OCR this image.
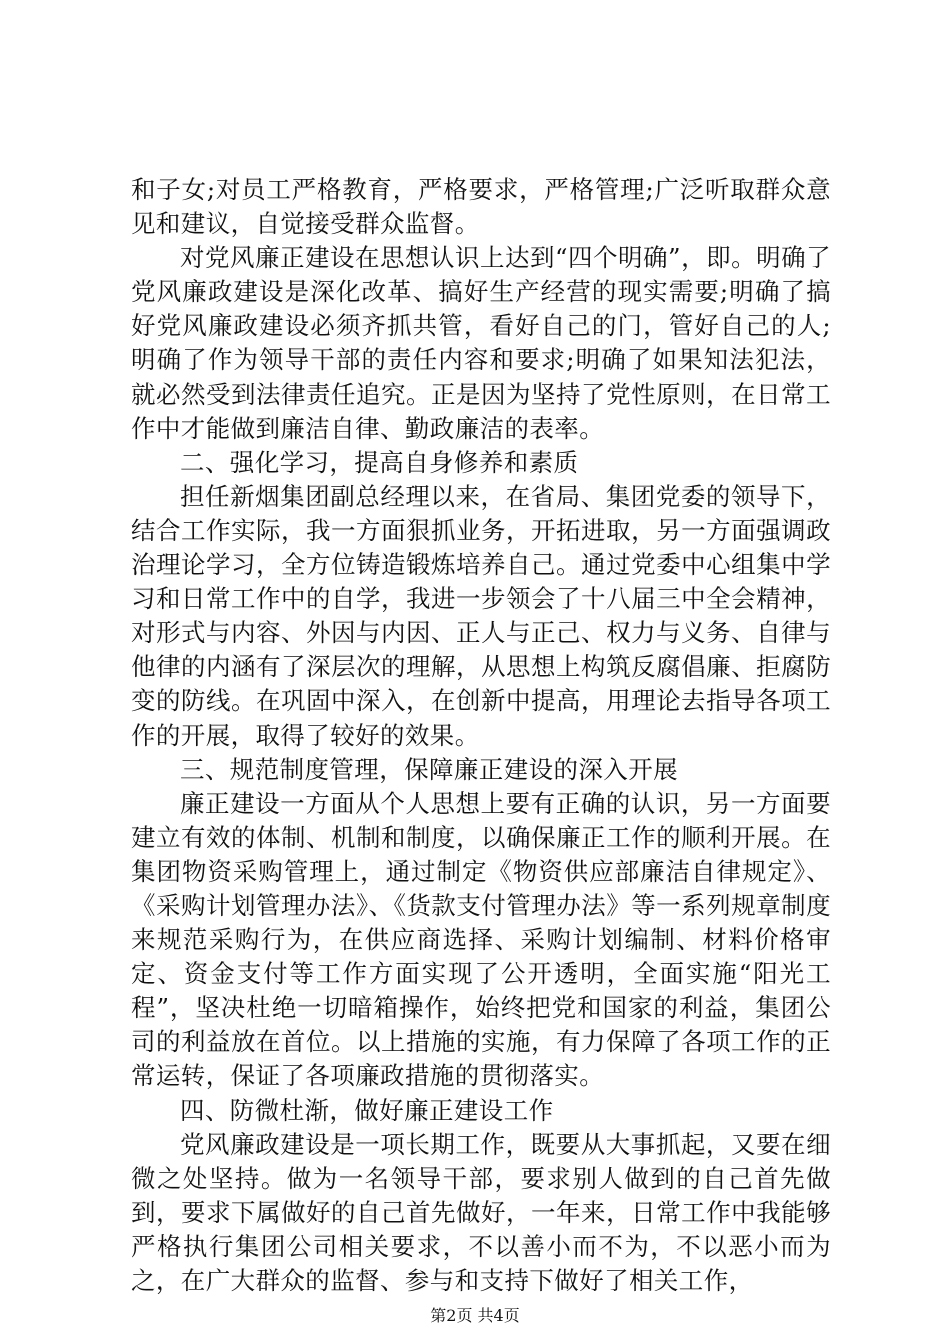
和子女;对员工严格教育，严格要求，严格管理;广泛听取群众意见和建议，自觉接受群众监督。

对党风廉正建设在思想认识上达到“四个明确”，即。明确了党风廉政建设是深化改革、搞好生产经营的现实需要;明确了搞好党风廉政建设必须齐抓共管，看好自己的门，管好自己的人;明确了作为领导干部的责任内容和要求;明确了如果知法犯法，就必然受到法律责任追究。正是因为坚持了党性原则，在日常工作中才能做到廉洁自律、勤政廉洁的表率。

二、强化学习，提高自身修养和素质

担任新烟集团副总经理以来，在省局、集团党委的领导下，结合工作实际，我一方面狠抓业务，开拓进取，另一方面强调政治理论学习，全方位铸造锻炼培养自己。通过党委中心组集中学习和日常工作中的自学，我进一步领会了十八届三中全会精神，对形式与内容、外因与内因、正人与正己、权力与义务、自律与他律的内涵有了深层次的理解，从思想上构筑反腐倡廉、拒腐防变的防线。在巩固中深入，在创新中提高，用理论去指导各项工作的开展，取得了较好的效果。

三、规范制度管理，保障廉正建设的深入开展

廉正建设一方面从个人思想上要有正确的认识，另一方面要建立有效的体制、机制和制度，以确保廉正工作的顺利开展。在集团物资采购管理上，通过制定《物资供应部廉洁自律规定》、《采购计划管理办法》、《货款支付管理办法》等一系列规章制度来规范采购行为，在供应商选择、采购计划编制、材料价格审定、资金支付等工作方面实现了公开透明，全面实施“阳光工程”，坚决杜绝一切暗箱操作，始终把党和国家的利益，集团公司的利益放在首位。以上措施的实施，有力保障了各项工作的正常运转，保证了各项廉政措施的贯彻落实。

四、防微杜渐，做好廉正建设工作

党风廉政建设是一项长期工作，既要从大事抓起，又要在细微之处坚持。做为一名领导干部，要求别人做到的自己首先做到，要求下属做好的自己首先做好，一年来，日常工作中我能够严格执行集团公司相关要求，不以善小而不为，不以恶小而为之，在广大群众的监督、参与和支持下做好了相关工作，

第2页 共4页
